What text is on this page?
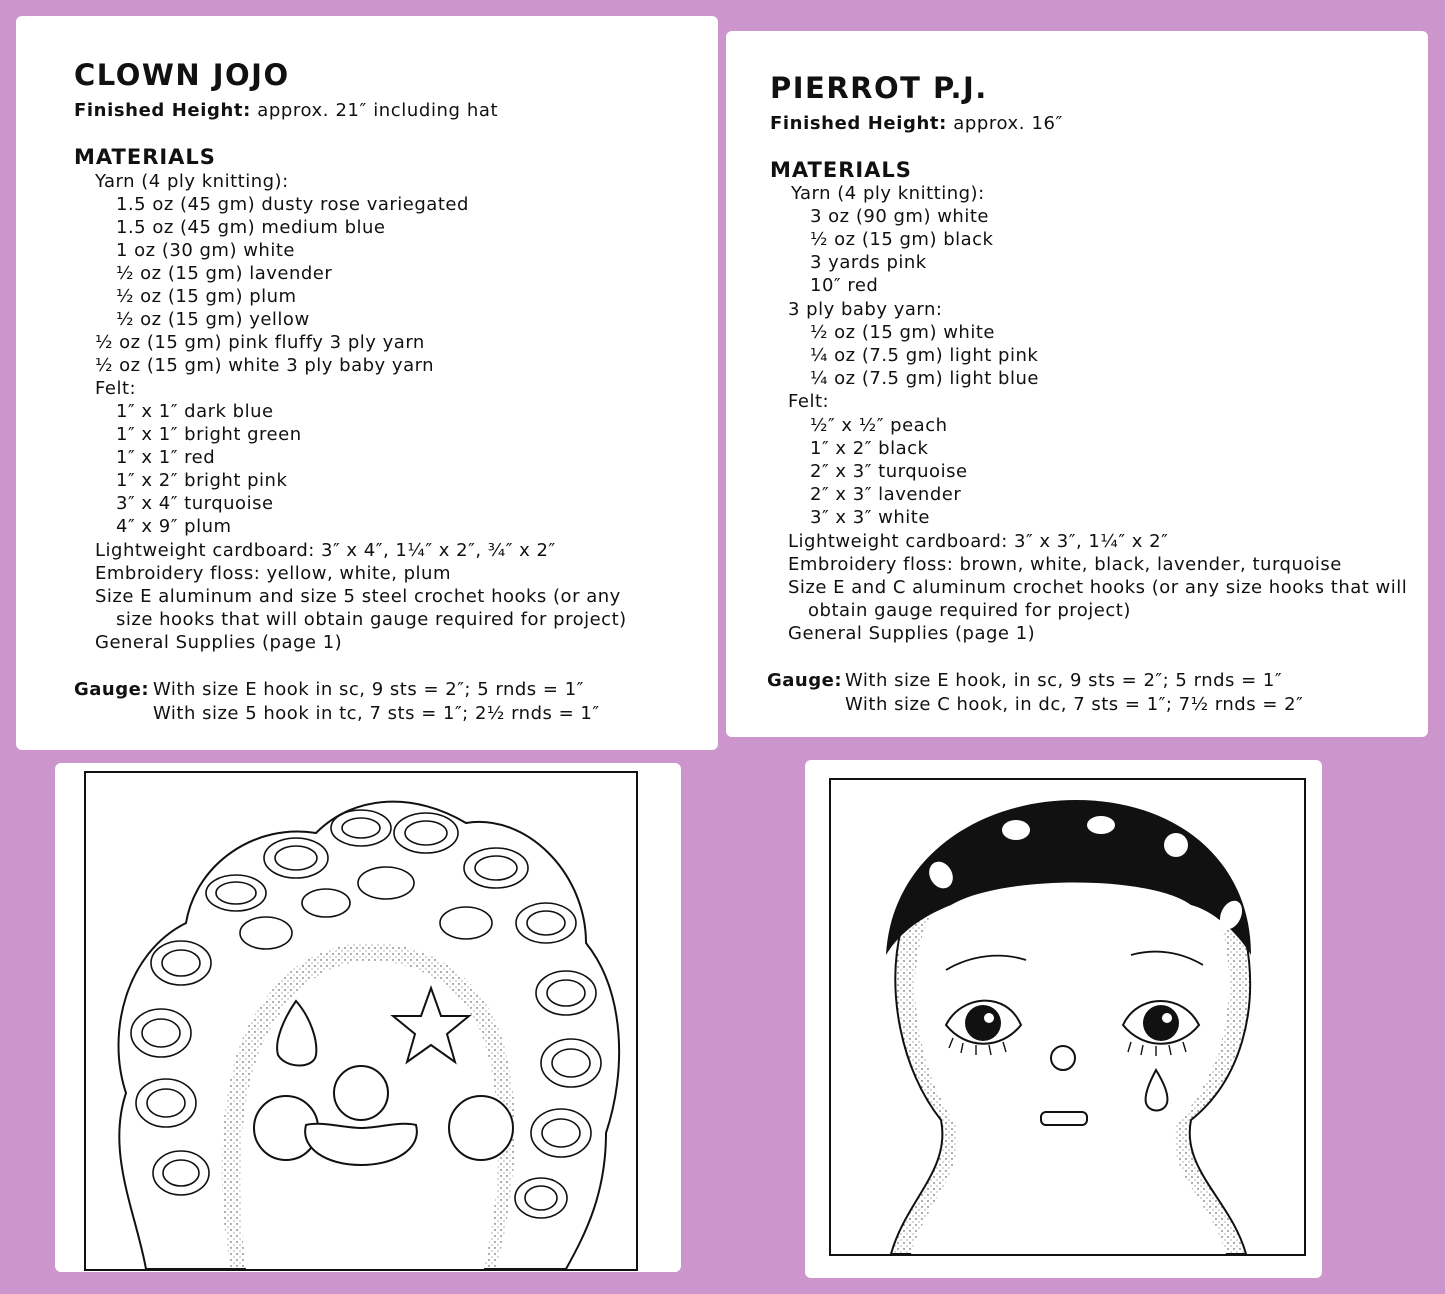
CLOWN JOJO
Finished Height: approx. 21″ including hat
MATERIALS
Yarn (4 ply knitting):
1.5 oz (45 gm) dusty rose variegated
1.5 oz (45 gm) medium blue
1 oz (30 gm) white
½ oz (15 gm) lavender
½ oz (15 gm) plum
½ oz (15 gm) yellow
½ oz (15 gm) pink fluffy 3 ply yarn
½ oz (15 gm) white 3 ply baby yarn
Felt:
1″ x 1″ dark blue
1″ x 1″ bright green
1″ x 1″ red
1″ x 2″ bright pink
3″ x 4″ turquoise
4″ x 9″ plum
Lightweight cardboard: 3″ x 4″, 1¼″ x 2″, ¾″ x 2″
Embroidery floss: yellow, white, plum
Size E aluminum and size 5 steel crochet hooks (or any
size hooks that will obtain gauge required for project)
General Supplies (page 1)
Gauge: With size E hook in sc, 9 sts = 2″; 5 rnds = 1″
With size 5 hook in tc, 7 sts = 1″; 2½ rnds = 1″
PIERROT P.J.
Finished Height: approx. 16″
MATERIALS
Yarn (4 ply knitting):
3 oz (90 gm) white
½ oz (15 gm) black
3 yards pink
10″ red
3 ply baby yarn:
½ oz (15 gm) white
¼ oz (7.5 gm) light pink
¼ oz (7.5 gm) light blue
Felt:
½″ x ½″ peach
1″ x 2″ black
2″ x 3″ turquoise
2″ x 3″ lavender
3″ x 3″ white
Lightweight cardboard: 3″ x 3″, 1¼″ x 2″
Embroidery floss: brown, white, black, lavender, turquoise
Size E and C aluminum crochet hooks (or any size hooks that will
obtain gauge required for project)
General Supplies (page 1)
Gauge: With size E hook, in sc, 9 sts = 2″; 5 rnds = 1″
With size C hook, in dc, 7 sts = 1″; 7½ rnds = 2″
